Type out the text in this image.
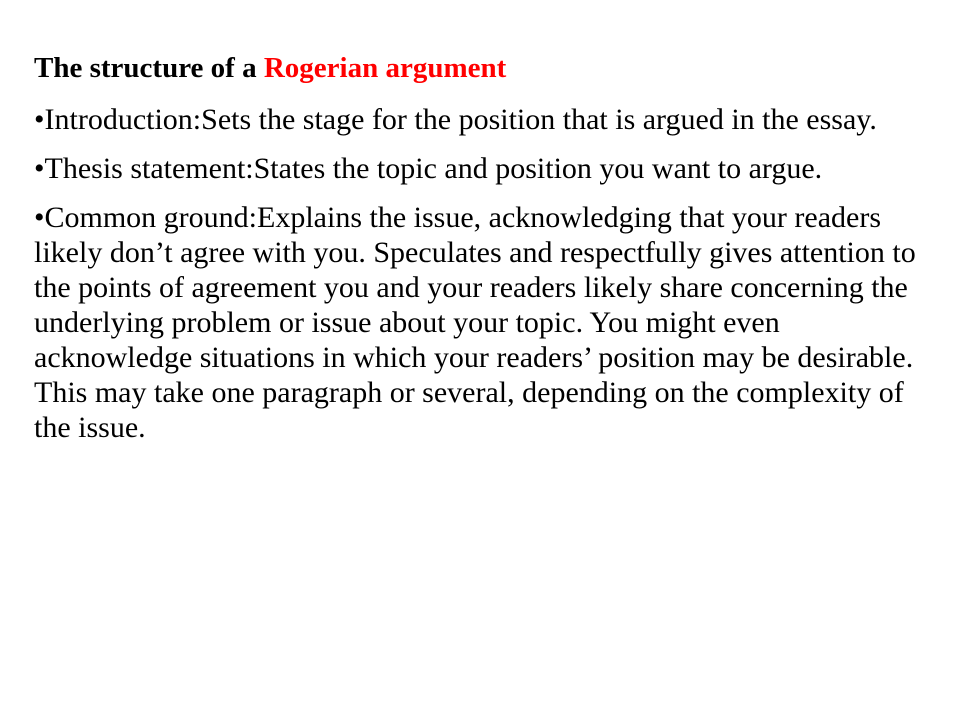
The structure of a Rogerian argument
•Introduction:Sets the stage for the position that is argued in the essay.
•Thesis statement:States the topic and position you want to argue.
•Common ground:Explains the issue, acknowledging that your readers likely don’t agree with you. Speculates and respectfully gives attention to the points of agreement you and your readers likely share concerning the underlying problem or issue about your topic. You might even acknowledge situations in which your readers’ position may be desirable. This may take one paragraph or several, depending on the complexity of the issue.
